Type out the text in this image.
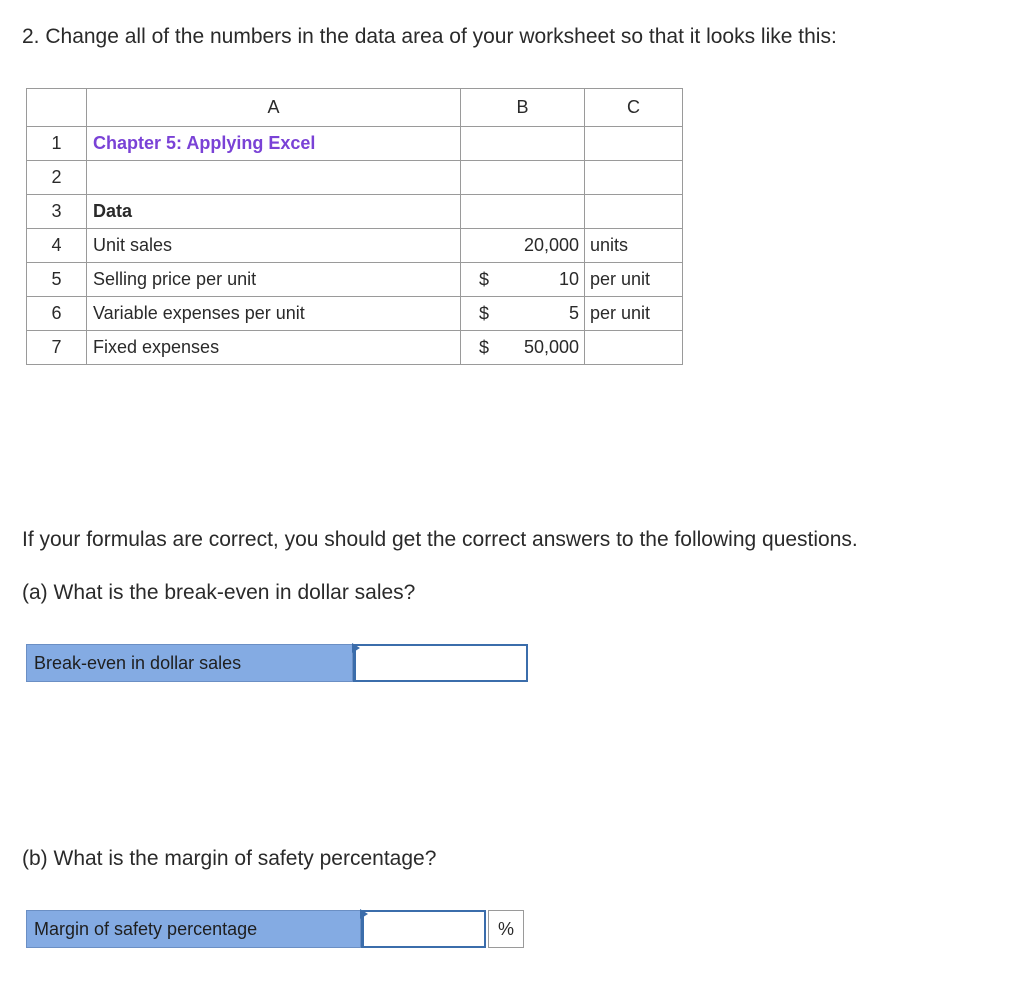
2. Change all of the numbers in the data area of your worksheet so that it looks like this:
	A	B	C
1	Chapter 5: Applying Excel		
2			
3	Data		
4	Unit sales	20,000	units
5	Selling price per unit	$ 10	per unit
6	Variable expenses per unit	$ 5	per unit
7	Fixed expenses	$ 50,000	

If your formulas are correct, you should get the correct answers to the following questions.

(a) What is the break-even in dollar sales?

Break-even in dollar sales

(b) What is the margin of safety percentage?

Margin of safety percentage	%
